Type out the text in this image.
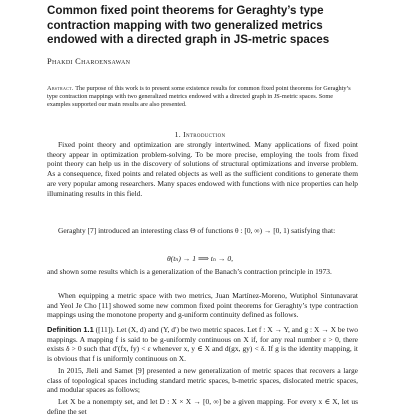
Common fixed point theorems for Geraghty’s type contraction mapping with two generalized metrics endowed with a directed graph in JS-metric spaces

Phakdi Charoensawan

Abstract. The purpose of this work is to present some existence results for common fixed point theorems for Geraghty’s type contraction mappings with two generalized metrics endowed with a directed graph in JS-metric spaces. Some examples supported our main results are also presented.

1. Introduction

Fixed point theory and optimization are strongly intertwined. Many applications of fixed point theory appear in optimization problem-solving. To be more precise, employing the tools from fixed point theory can help us in the discovery of solutions of structural optimizations and inverse problem. As a consequence, fixed points and related objects as well as the sufficient conditions to generate them are very popular among researchers. Many spaces endowed with functions with nice properties can help illuminating results in this field.

Geraghty [7] introduced an interesting class Θ of functions θ : [0, ∞) → [0, 1) satisfying that:

θ(tₙ) → 1 ⟹ tₙ → 0,

and shown some results which is a generalization of the Banach’s contraction principle in 1973.

When equipping a metric space with two metrics, Juan Martínez-Moreno, Wutiphol Sintunavarat and Yeol Je Cho [11] showed some new common fixed point theorems for Geraghty’s type contraction mappings using the monotone property and g-uniform continuity defined as follows.

Definition 1.1 ([11]). Let (X, d) and (Y, d′) be two metric spaces. Let f : X → Y, and g : X → X be two mappings. A mapping f is said to be g-uniformly continuous on X if, for any real number ε > 0, there exists δ > 0 such that d′(fx, fy) < ε whenever x, y ∈ X and d(gx, gy) < δ. If g is the identity mapping, it is obvious that f is uniformly continuous on X.

In 2015, Jleli and Samet [9] presented a new generalization of metric spaces that recovers a large class of topological spaces including standard metric spaces, b-metric spaces, dislocated metric spaces, and modular spaces as follows;

Let X be a nonempty set, and let D : X × X → [0, ∞] be a given mapping. For every x ∈ X, let us define the set
